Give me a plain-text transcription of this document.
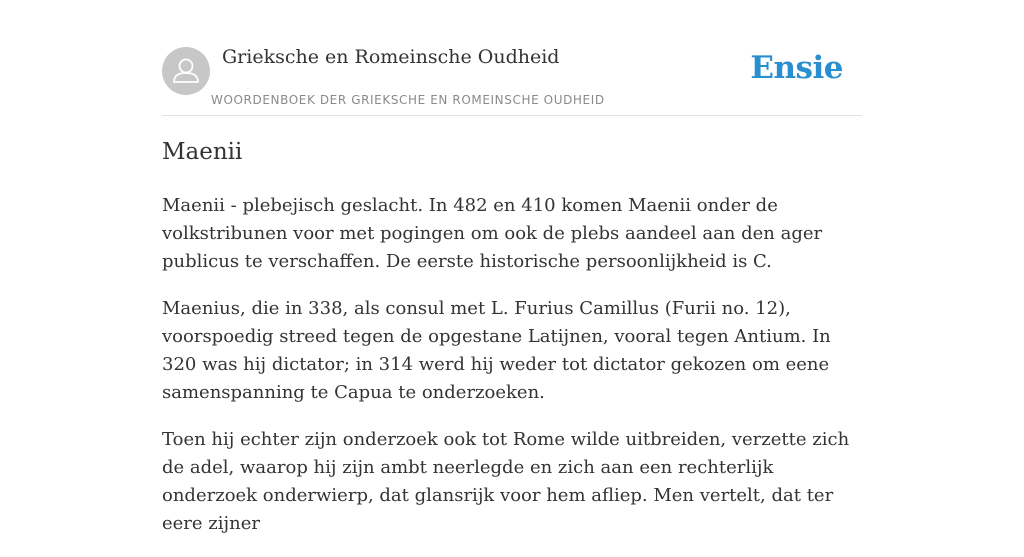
Grieksche en Romeinsche Oudheid
WOORDENBOEK DER GRIEKSCHE EN ROMEINSCHE OUDHEID
Ensie
Maenii

Maenii - plebejisch geslacht. In 482 en 410 komen Maenii onder de volkstribunen voor met pogingen om ook de plebs aandeel aan den ager publicus te verschaffen. De eerste historische persoonlijkheid is C.

Maenius, die in 338, als consul met L. Furius Camillus (Furii no. 12), voorspoedig streed tegen de opgestane Latijnen, vooral tegen Antium. In 320 was hij dictator; in 314 werd hij weder tot dictator gekozen om eene samenspanning te Capua te onderzoeken.

Toen hij echter zijn onderzoek ook tot Rome wilde uitbreiden, verzette zich de adel, waarop hij zijn ambt neerlegde en zich aan een rechterlijk onderzoek onderwierp, dat glansrijk voor hem afliep. Men vertelt, dat ter eere zijner
